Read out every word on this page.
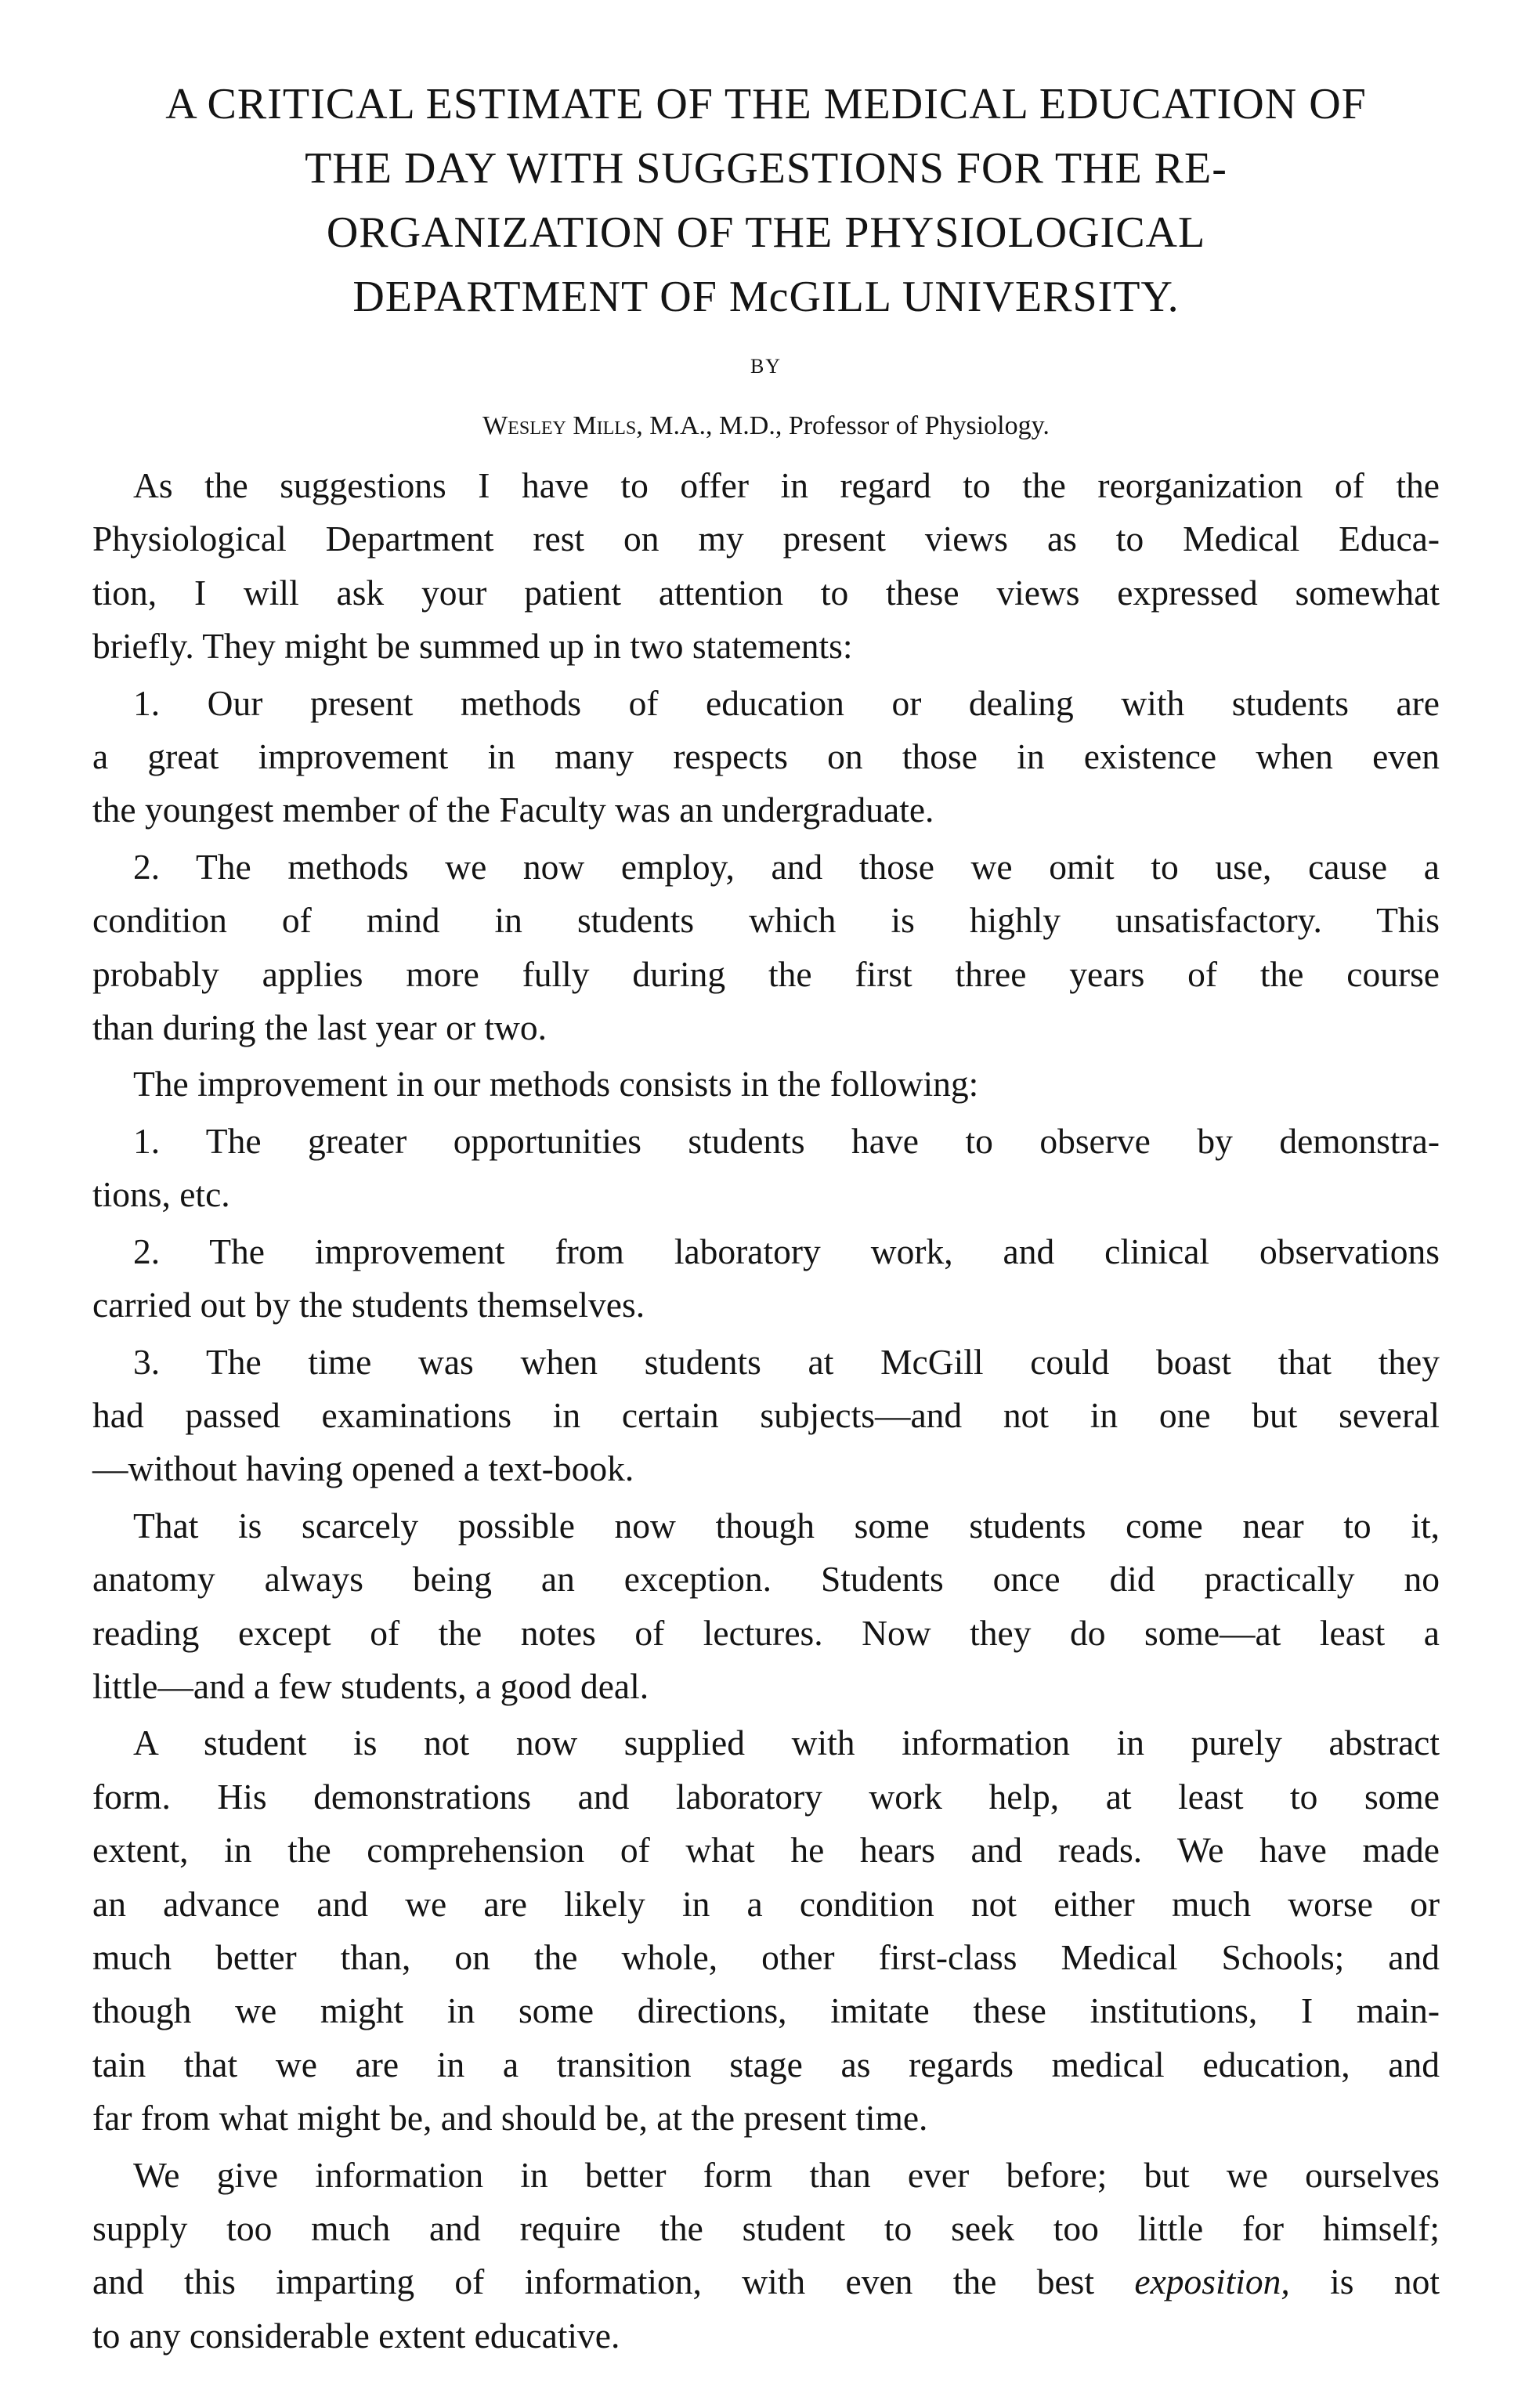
A CRITICAL ESTIMATE OF THE MEDICAL EDUCATION OF
THE DAY WITH SUGGESTIONS FOR THE RE-
ORGANIZATION OF THE PHYSIOLOGICAL
DEPARTMENT OF McGILL UNIVERSITY.
BY
Wesley Mills, M.A., M.D., Professor of Physiology.

As the suggestions I have to offer in regard to the reorganization of the
Physiological Department rest on my present views as to Medical Educa-
tion, I will ask your patient attention to these views expressed somewhat
briefly. They might be summed up in two statements:

1. Our present methods of education or dealing with students are
a great improvement in many respects on those in existence when even
the youngest member of the Faculty was an undergraduate.

2. The methods we now employ, and those we omit to use, cause a
condition of mind in students which is highly unsatisfactory. This
probably applies more fully during the first three years of the course
than during the last year or two.

The improvement in our methods consists in the following:

1. The greater opportunities students have to observe by demonstra-
tions, etc.

2. The improvement from laboratory work, and clinical observations
carried out by the students themselves.

3. The time was when students at McGill could boast that they
had passed examinations in certain subjects—and not in one but several
—without having opened a text-book.

That is scarcely possible now though some students come near to it,
anatomy always being an exception. Students once did practically no
reading except of the notes of lectures. Now they do some—at least a
little—and a few students, a good deal.

A student is not now supplied with information in purely abstract
form. His demonstrations and laboratory work help, at least to some
extent, in the comprehension of what he hears and reads. We have made
an advance and we are likely in a condition not either much worse or
much better than, on the whole, other first-class Medical Schools; and
though we might in some directions, imitate these institutions, I main-
tain that we are in a transition stage as regards medical education, and
far from what might be, and should be, at the present time.

We give information in better form than ever before; but we ourselves
supply too much and require the student to seek too little for himself;
and this imparting of information, with even the best exposition, is not
to any considerable extent educative.
